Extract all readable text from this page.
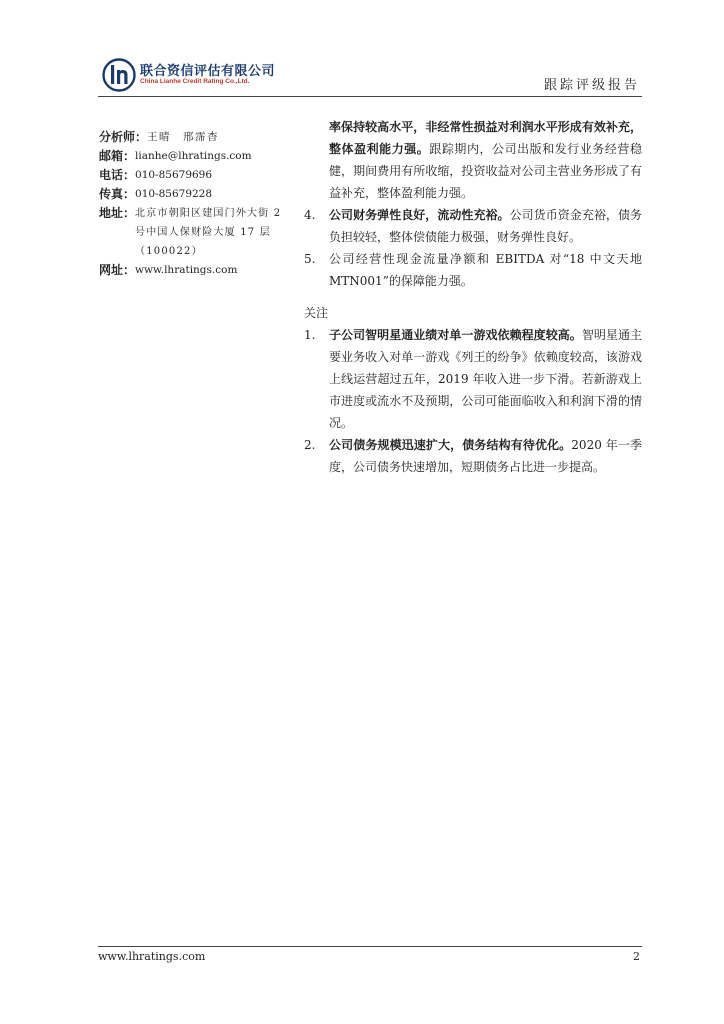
联合资信评估有限公司
China Lianhe Credit Rating Co.,Ltd.	跟踪评级报告
分析师： 王晴　邢霈杳
邮箱： lianhe@lhratings.com
电话： 010-85679696
传真： 010-85679228
地址： 北京市朝阳区建国门外大街 2 号中国人保财险大厦 17 层（100022）
网址： www.lhratings.com
率保持较高水平，非经常性损益对利润水平形成有效补充，整体盈利能力强。跟踪期内，公司出版和发行业务经营稳健，期间费用有所收缩，投资收益对公司主营业务形成了有益补充，整体盈利能力强。
4.	公司财务弹性良好，流动性充裕。公司货币资金充裕，债务负担较轻，整体偿债能力极强，财务弹性良好。
5.	公司经营性现金流量净额和 EBITDA 对“18 中文天地 MTN001”的保障能力强。
关注
1.	子公司智明星通业绩对单一游戏依赖程度较高。智明星通主要业务收入对单一游戏《列王的纷争》依赖度较高，该游戏上线运营超过五年，2019 年收入进一步下滑。若新游戏上市进度或流水不及预期，公司可能面临收入和利润下滑的情况。
2.	公司债务规模迅速扩大，债务结构有待优化。2020 年一季度，公司债务快速增加，短期债务占比进一步提高。
www.lhratings.com	2
